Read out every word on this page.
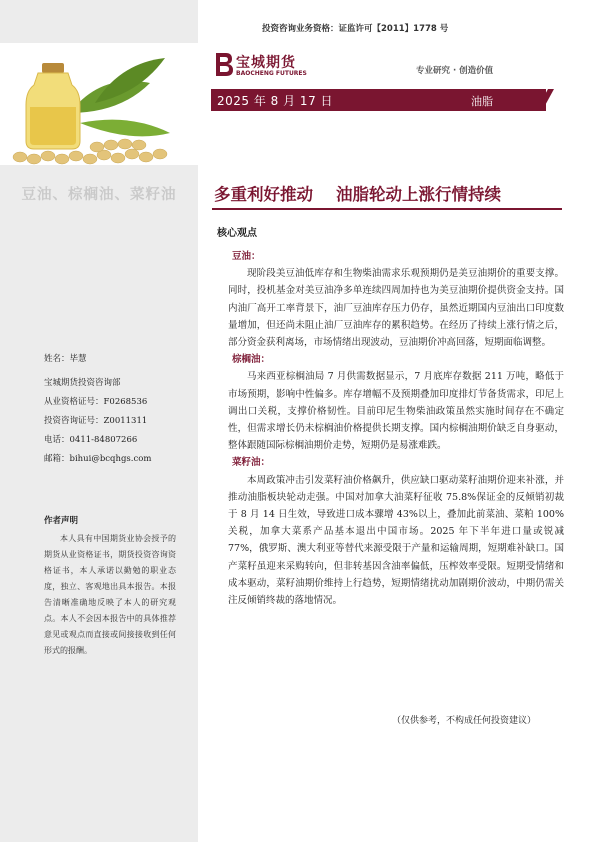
豆油、棕榈油、菜籽油
投资咨询业务资格：证监许可【2011】1778 号
宝城期货
BAOCHENG FUTURES	专业研究 · 创造价值
2025 年 8 月 17 日	油脂
多重利好推动    油脂轮动上涨行情持续
核心观点
豆油：

现阶段美豆油低库存和生物柴油需求乐观预期仍是美豆油期价的重要支撑。同时，投机基金对美豆油净多单连续四周加持也为美豆油期价提供资金支持。国内油厂高开工率背景下，油厂豆油库存压力仍存，虽然近期国内豆油出口印度数量增加，但还尚未阻止油厂豆油库存的累积趋势。在经历了持续上涨行情之后，部分资金获利离场，市场情绪出现波动，豆油期价冲高回落，短期面临调整。

棕榈油：

马来西亚棕榈油局 7 月供需数据显示，7 月底库存数据 211 万吨，略低于市场预期，影响中性偏多。库存增幅不及预期叠加印度排灯节备货需求，印尼上调出口关税，支撑价格韧性。目前印尼生物柴油政策虽然实施时间存在不确定性，但需求增长仍未棕榈油价格提供长期支撑。国内棕榈油期价缺乏自身驱动，整体跟随国际棕榈油期价走势，短期仍是易涨难跌。

菜籽油：

本周政策冲击引发菜籽油价格飙升，供应缺口驱动菜籽油期价迎来补涨，并推动油脂板块轮动走强。中国对加拿大油菜籽征收 75.8%保证金的反倾销初裁于 8 月 14 日生效，导致进口成本骤增 43%以上，叠加此前菜油、菜粕 100%关税，加拿大菜系产品基本退出中国市场。2025 年下半年进口量或锐减 77%，俄罗斯、澳大利亚等替代来源受限于产量和运输周期，短期难补缺口。国产菜籽虽迎来采购转向，但非转基因含油率偏低，压榨效率受限。短期受情绪和成本驱动，菜籽油期价维持上行趋势，短期情绪扰动加剧期价波动，中期仍需关注反倾销终裁的落地情况。

姓名：毕慧
宝城期货投资咨询部
从业资格证号：F0268536
投资咨询证号：Z0011311
电话：0411-84807266
邮箱：bihui@bcqhgs.com
作者声明
本人具有中国期货业协会授予的期货从业资格证书，期货投资咨询资格证书，本人承诺以勤勉的职业态度，独立、客观地出具本报告。本报告清晰准确地反映了本人的研究观点。本人不会因本报告中的具体推荐意见或观点而直接或间接接收到任何形式的报酬。
（仅供参考，不构成任何投资建议）
